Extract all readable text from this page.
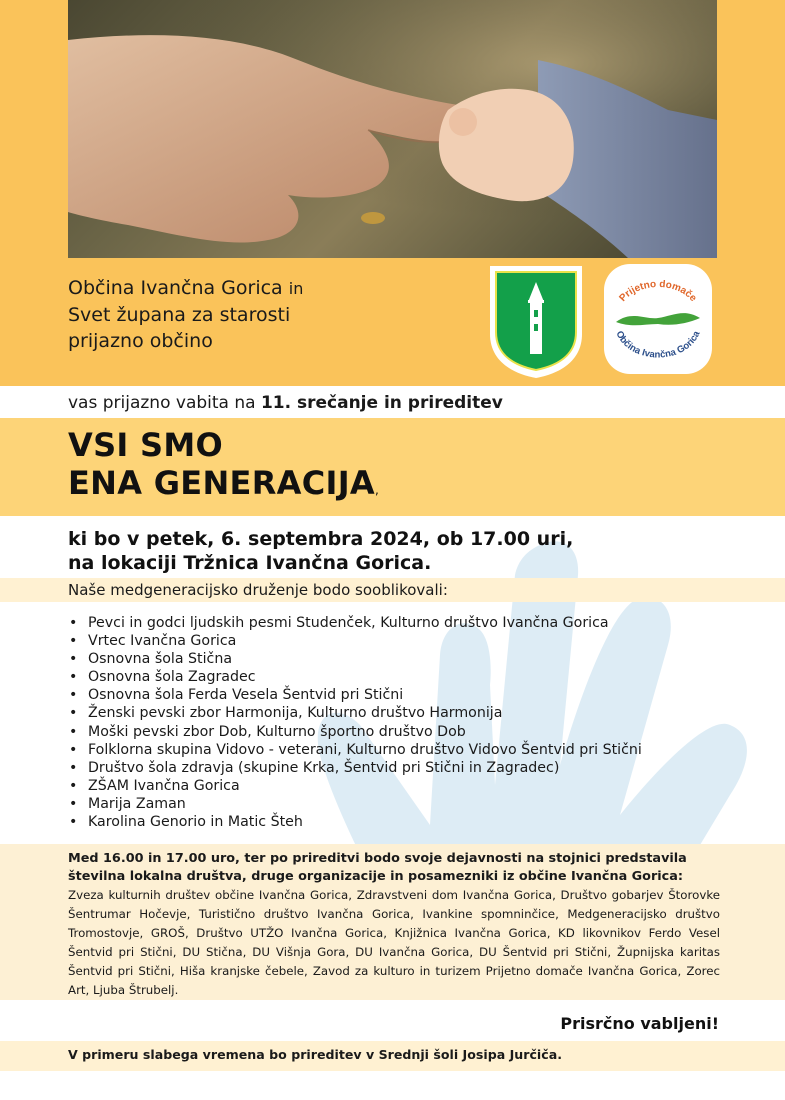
Občina Ivančna Gorica in
Svet župana za starosti
prijazno občino
Prijetno domače
Občina Ivančna Gorica
vas prijazno vabita na 11. srečanje in prireditev
VSI SMO
ENA GENERACIJA,
ki bo v petek, 6. septembra 2024, ob 17.00 uri,
na lokaciji Tržnica Ivančna Gorica.
Naše medgeneracijsko druženje bodo sooblikovali:
• Pevci in godci ljudskih pesmi Studenček, Kulturno društvo Ivančna Gorica
• Vrtec Ivančna Gorica
• Osnovna šola Stična
• Osnovna šola Zagradec
• Osnovna šola Ferda Vesela Šentvid pri Stični
• Ženski pevski zbor Harmonija, Kulturno društvo Harmonija
• Moški pevski zbor Dob, Kulturno športno društvo Dob
• Folklorna skupina Vidovo - veterani, Kulturno društvo Vidovo Šentvid pri Stični
• Društvo šola zdravja (skupine Krka, Šentvid pri Stični in Zagradec)
• ZŠAM Ivančna Gorica
• Marija Zaman
• Karolina Genorio in Matic Šteh
Med 16.00 in 17.00 uro, ter po prireditvi bodo svoje dejavnosti na stojnici predstavila številna lokalna društva, druge organizacije in posamezniki iz občine Ivančna Gorica:
Zveza kulturnih društev občine Ivančna Gorica, Zdravstveni dom Ivančna Gorica, Društvo gobarjev Štorovke Šentrumar Hočevje, Turistično društvo Ivančna Gorica, Ivankine spomninčice, Medgeneracijsko društvo Tromostovje, GROŠ, Društvo UTŽO Ivančna Gorica, Knjižnica Ivančna Gorica, KD likovnikov Ferdo Vesel Šentvid pri Stični, DU Stična, DU Višnja Gora, DU Ivančna Gorica, DU Šentvid pri Stični, Župnijska karitas Šentvid pri Stični, Hiša kranjske čebele, Zavod za kulturo in turizem Prijetno domače Ivančna Gorica, Zorec Art, Ljuba Štrubelj.
Prisrčno vabljeni!
V primeru slabega vremena bo prireditev v Srednji šoli Josipa Jurčiča.
